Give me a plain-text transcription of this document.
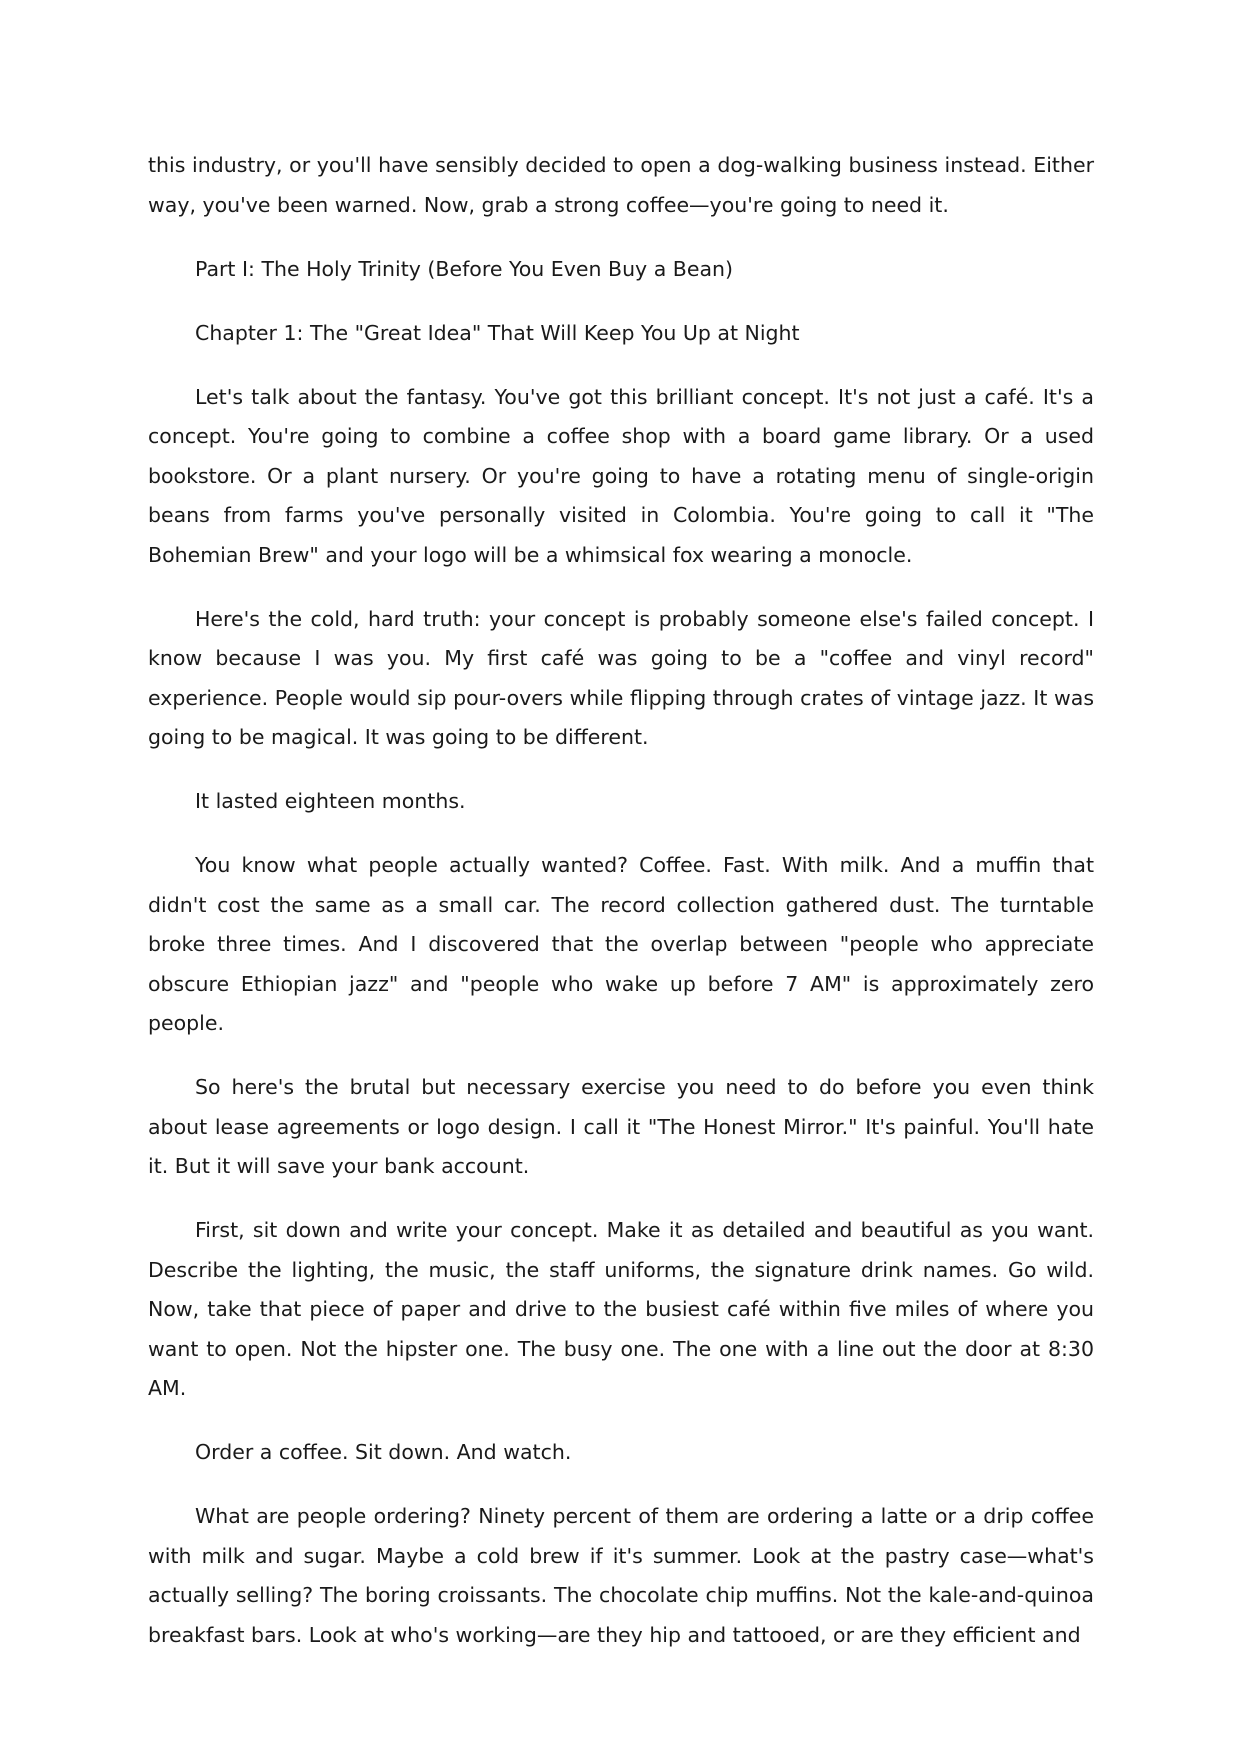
this industry, or you'll have sensibly decided to open a dog-walking business instead. Either way, you've been warned. Now, grab a strong coffee—you're going to need it.

Part I: The Holy Trinity (Before You Even Buy a Bean)

Chapter 1: The "Great Idea" That Will Keep You Up at Night

Let's talk about the fantasy. You've got this brilliant concept. It's not just a café. It's a concept. You're going to combine a coffee shop with a board game library. Or a used bookstore. Or a plant nursery. Or you're going to have a rotating menu of single-origin beans from farms you've personally visited in Colombia. You're going to call it "The Bohemian Brew" and your logo will be a whimsical fox wearing a monocle.

Here's the cold, hard truth: your concept is probably someone else's failed concept. I know because I was you. My first café was going to be a "coffee and vinyl record" experience. People would sip pour-overs while flipping through crates of vintage jazz. It was going to be magical. It was going to be different.

It lasted eighteen months.

You know what people actually wanted? Coffee. Fast. With milk. And a muffin that didn't cost the same as a small car. The record collection gathered dust. The turntable broke three times. And I discovered that the overlap between "people who appreciate obscure Ethiopian jazz" and "people who wake up before 7 AM" is approximately zero people.

So here's the brutal but necessary exercise you need to do before you even think about lease agreements or logo design. I call it "The Honest Mirror." It's painful. You'll hate it. But it will save your bank account.

First, sit down and write your concept. Make it as detailed and beautiful as you want. Describe the lighting, the music, the staff uniforms, the signature drink names. Go wild. Now, take that piece of paper and drive to the busiest café within five miles of where you want to open. Not the hipster one. The busy one. The one with a line out the door at 8:30 AM.

Order a coffee. Sit down. And watch.

What are people ordering? Ninety percent of them are ordering a latte or a drip coffee with milk and sugar. Maybe a cold brew if it's summer. Look at the pastry case—what's actually selling? The boring croissants. The chocolate chip muffins. Not the kale-and-quinoa breakfast bars. Look at who's working—are they hip and tattooed, or are they efficient and
